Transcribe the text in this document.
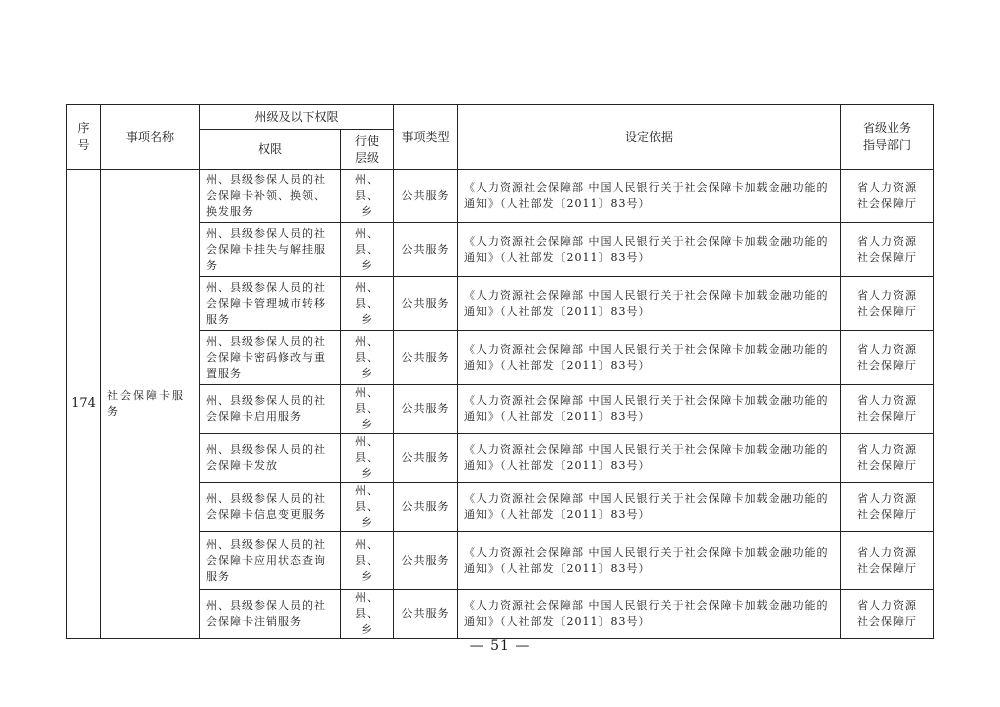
序号	事项名称	州级及以下权限		事项类型	设定依据	省级业务指导部门
		权限	行使层级			
174	社会保障卡服务	州、县级参保人员的社会保障卡补领、换领、换发服务	州、县、乡	公共服务	《人力资源社会保障部 中国人民银行关于社会保障卡加载金融功能的通知》（人社部发〔2011〕83号）	省人力资源社会保障厅
		州、县级参保人员的社会保障卡挂失与解挂服务	州、县、乡	公共服务	《人力资源社会保障部 中国人民银行关于社会保障卡加载金融功能的通知》（人社部发〔2011〕83号）	省人力资源社会保障厅
		州、县级参保人员的社会保障卡管理城市转移服务	州、县、乡	公共服务	《人力资源社会保障部 中国人民银行关于社会保障卡加载金融功能的通知》（人社部发〔2011〕83号）	省人力资源社会保障厅
		州、县级参保人员的社会保障卡密码修改与重置服务	州、县、乡	公共服务	《人力资源社会保障部 中国人民银行关于社会保障卡加载金融功能的通知》（人社部发〔2011〕83号）	省人力资源社会保障厅
		州、县级参保人员的社会保障卡启用服务	州、县、乡	公共服务	《人力资源社会保障部 中国人民银行关于社会保障卡加载金融功能的通知》（人社部发〔2011〕83号）	省人力资源社会保障厅
		州、县级参保人员的社会保障卡发放	州、县、乡	公共服务	《人力资源社会保障部 中国人民银行关于社会保障卡加载金融功能的通知》（人社部发〔2011〕83号）	省人力资源社会保障厅
		州、县级参保人员的社会保障卡信息变更服务	州、县、乡	公共服务	《人力资源社会保障部 中国人民银行关于社会保障卡加载金融功能的通知》（人社部发〔2011〕83号）	省人力资源社会保障厅
		州、县级参保人员的社会保障卡应用状态查询服务	州、县、乡	公共服务	《人力资源社会保障部 中国人民银行关于社会保障卡加载金融功能的通知》（人社部发〔2011〕83号）	省人力资源社会保障厅
		州、县级参保人员的社会保障卡注销服务	州、县、乡	公共服务	《人力资源社会保障部 中国人民银行关于社会保障卡加载金融功能的通知》（人社部发〔2011〕83号）	省人力资源社会保障厅
— 51 —
